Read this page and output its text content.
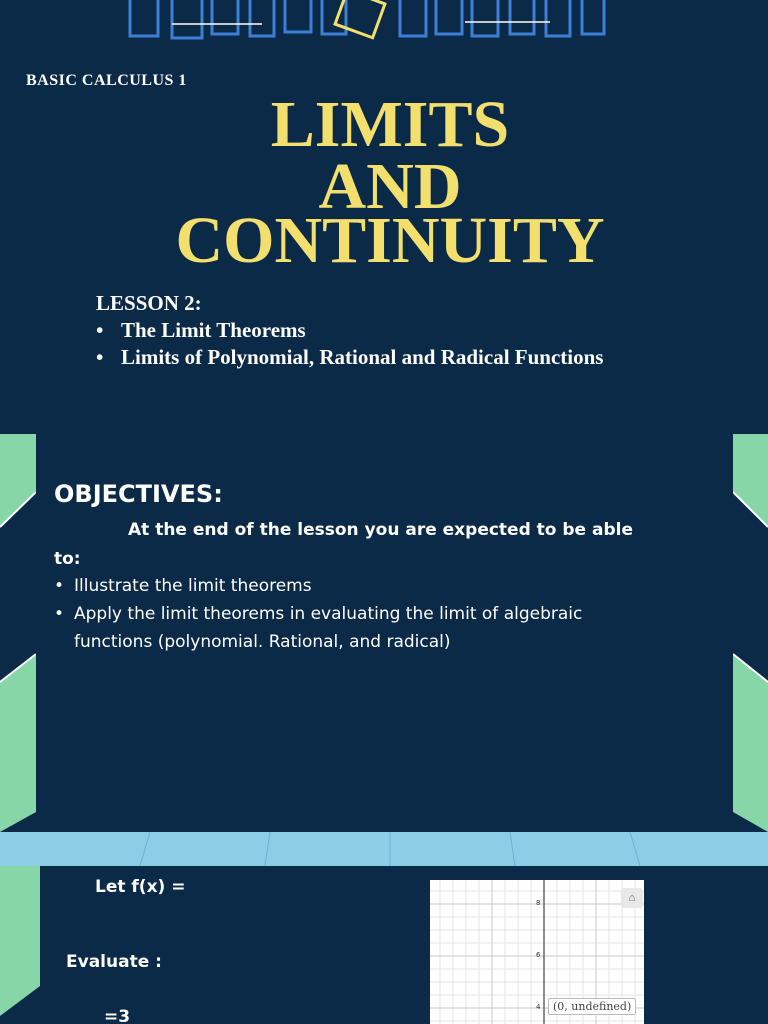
BASIC CALCULUS 1
LIMITS
AND
CONTINUITY
LESSON 2:
• The Limit Theorems
• Limits of Polynomial, Rational and Radical Functions
OBJECTIVES:
At the end of the lesson you are expected to be able to:
• Illustrate the limit theorems
• Apply the limit theorems in evaluating the limit of algebraic functions (polynomial. Rational, and radical)
Let f(x) =
Evaluate :
=3
8
6
4
⌂
(0, undefined)
